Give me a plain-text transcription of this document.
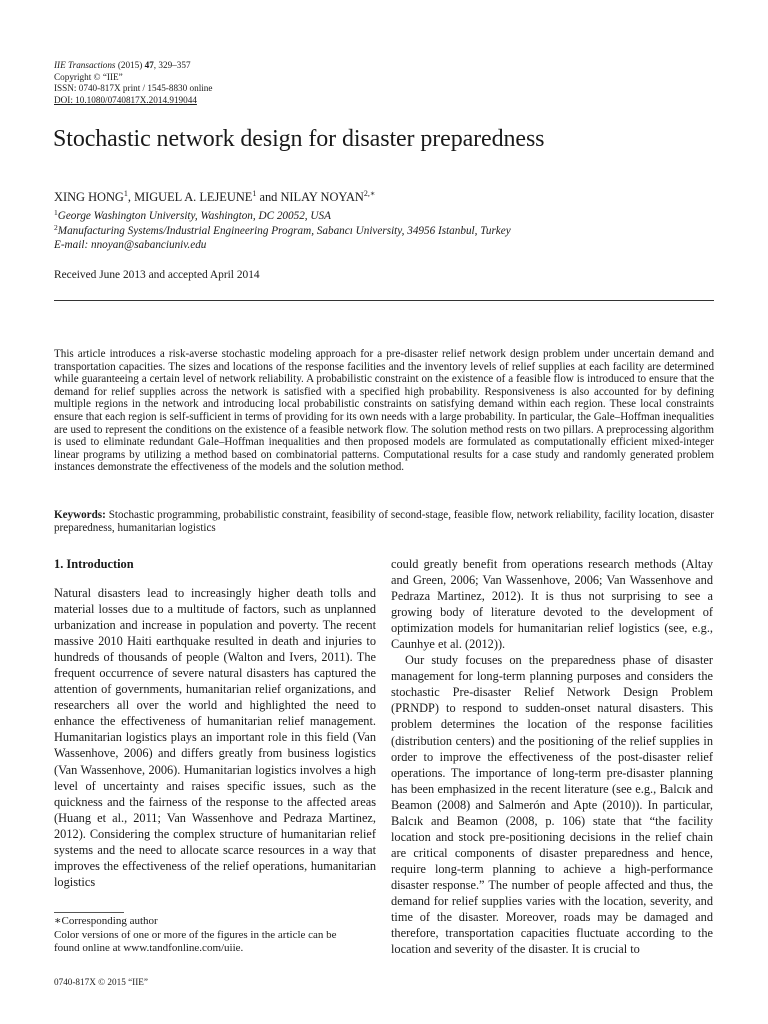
IIE Transactions (2015) 47, 329–357
Copyright © “IIE”
ISSN: 0740-817X print / 1545-8830 online
DOI: 10.1080/0740817X.2014.919044
Stochastic network design for disaster preparedness
XING HONG$^1$, MIGUEL A. LEJEUNE$^1$ and NILAY $NOYAN^{2,∗}$
$^1$George Washington University, Washington, DC 20052, USA
$^2$Manufacturing Systems/Industrial Engineering Program, Sabancı University, 34956 Istanbul, Turkey
E-mail: nnoyan@sabanciuniv.edu
Received June 2013 and accepted April 2014
This article introduces a risk-averse stochastic modeling approach for a pre-disaster relief network design problem under uncertain demand and transportation capacities. The sizes and locations of the response facilities and the inventory levels of relief supplies at each facility are determined while guaranteeing a certain level of network reliability. A probabilistic constraint on the existence of a feasible flow is introduced to ensure that the demand for relief supplies across the network is satisfied with a specified high probability. Responsiveness is also accounted for by defining multiple regions in the network and introducing local probabilistic constraints on satisfying demand within each region. These local constraints ensure that each region is self-sufficient in terms of providing for its own needs with a large probability. In particular, the Gale–Hoffman inequalities are used to represent the conditions on the existence of a feasible network flow. The solution method rests on two pillars. A preprocessing algorithm is used to eliminate redundant Gale–Hoffman inequalities and then proposed models are formulated as computationally efficient mixed-integer linear programs by utilizing a method based on combinatorial patterns. Computational results for a case study and randomly generated problem instances demonstrate the effectiveness of the models and the solution method.
Keywords: Stochastic programming, probabilistic constraint, feasibility of second-stage, feasible flow, network reliability, facility location, disaster preparedness, humanitarian logistics
1. Introduction

Natural disasters lead to increasingly higher death tolls and material losses due to a multitude of factors, such as unplanned urbanization and increase in population and poverty. The recent massive 2010 Haiti earthquake resulted in death and injuries to hundreds of thousands of people (Walton and Ivers, 2011). The frequent occurrence of severe natural disasters has captured the attention of governments, humanitarian relief organizations, and researchers all over the world and highlighted the need to enhance the effectiveness of humanitarian relief management. Humanitarian logistics plays an important role in this field (Van Wassenhove, 2006) and differs greatly from business logistics (Van Wassenhove, 2006). Humanitarian logistics involves a high level of uncertainty and raises specific issues, such as the quickness and the fairness of the response to the affected areas (Huang et al., 2011; Van Wassenhove and Pedraza Martinez, 2012). Considering the complex structure of humanitarian relief systems and the need to allocate scarce resources in a way that improves the effectiveness of the relief operations, humanitarian logistics

could greatly benefit from operations research methods (Altay and Green, 2006; Van Wassenhove, 2006; Van Wassenhove and Pedraza Martinez, 2012). It is thus not surprising to see a growing body of literature devoted to the development of optimization models for humanitarian relief logistics (see, e.g., Caunhye et al. (2012)).

Our study focuses on the preparedness phase of disaster management for long-term planning purposes and considers the stochastic Pre-disaster Relief Network Design Problem (PRNDP) to respond to sudden-onset natural disasters. This problem determines the location of the response facilities (distribution centers) and the positioning of the relief supplies in order to improve the effectiveness of the post-disaster relief operations. The importance of long-term pre-disaster planning has been emphasized in the recent literature (see e.g., Balcık and Beamon (2008) and Salmerón and Apte (2010)). In particular, Balcık and Beamon (2008, p. 106) state that “the facility location and stock pre-positioning decisions in the relief chain are critical components of disaster preparedness and hence, require long-term planning to achieve a high-performance disaster response.” The number of people affected and thus, the demand for relief supplies varies with the location, severity, and time of the disaster. Moreover, roads may be damaged and therefore, transportation capacities fluctuate according to the location and severity of the disaster. It is crucial to

∗Corresponding author
Color versions of one or more of the figures in the article can be
found online at www.tandfonline.com/uiie.
0740-817X © 2015 “IIE”
